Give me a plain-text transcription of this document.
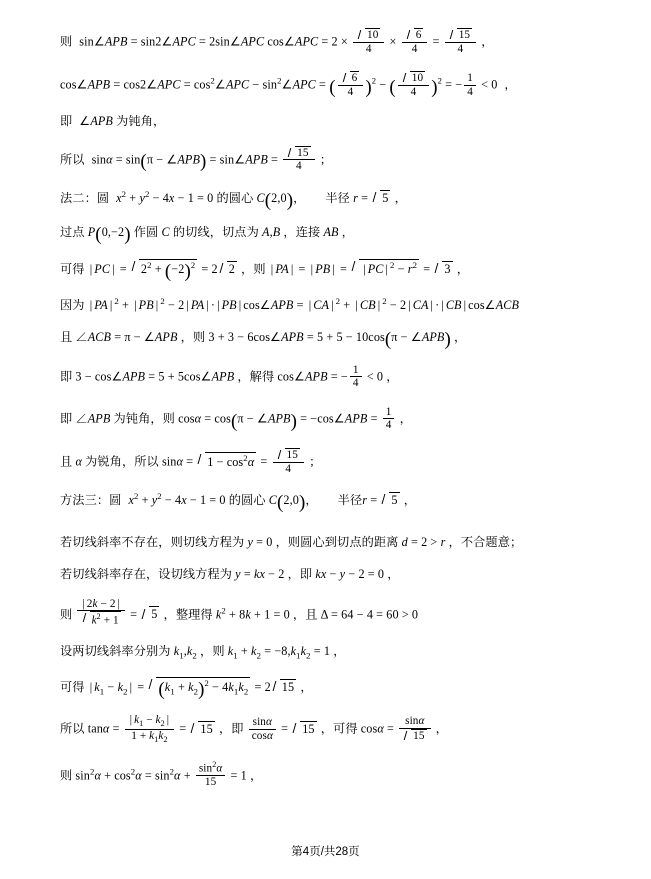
则 sin∠APB = sin2∠APC = 2sin∠APC cos∠APC = $2 \times \frac{10}{4} \times \frac{6}{4} = \frac{15}{4}$ ，

cos∠APB = cos2∠APC = $\cos^2\angle APC$ − $\sin^2\angle APC$ = ( $\frac{6}{4} )^2$ − ( $\frac{10}{4} )^2$ = − $\frac{1}{4} < 0$ ，

即 ∠APB 为钝角，

所以 sinα = sin(π − ∠APB) = sin∠APB = $\frac{15}{4}$ ；

法二：圆 $x^2 + y^2 - 4x - 1 = 0$ 的圆心 C(2,0)， 半径 r = 5 ，

过点 P(0,−2) 作圆 C 的切线，切点为 A,B ，连接 AB ，

可得 | PC | = $2^2 + (-2)^2 = 2$ 2 ，则 | PA | = | PB | = | PC | $^2 - r^2 = 3$ ，

因为 | PA | $^2$ + | PB | $^2$ − 2 | PA | · | PB | cos∠APB = | CA | $^2$ + | CB | $^2$ − 2 | CA | · | CB | cos∠ACB

且 ∠ACB = π − ∠APB ，则 3 + 3 − 6cos∠APB = 5 + 5 − 10cos(π − ∠APB) ，

即 3 − cos∠APB = 5 + 5cos∠APB ，解得 cos∠APB = − $\frac{1}{4} < 0$ ，

即 ∠APB 为钝角，则 cosα = cos(π − ∠APB) = −cos∠APB = $\frac{1}{4}$ ，

且 α 为锐角，所以 $\sin\alpha = 1 - \cos^2\alpha = \frac{15}{4}$ ；

方法三：圆 $x^2 + y^2 - 4x - 1 = 0$ 的圆心 C(2,0)， 半径r = 5 ，

若切线斜率不存在，则切线方程为 y = 0 ，则圆心到切点的距离 d = 2 > r ，不合题意；

若切线斜率存在，设切线方程为 y = kx − 2 ，即 kx − y − 2 = 0 ，

则 $\frac{| 2k - 2 |}{k^2 + 1} = 5$ ，整理得 $k^2 + 8k + 1 = 0$ ，且 Δ = 64 − 4 = 60 > 0

设两切线斜率分别为 $k_1,k_2$ ，则 $k_1 + k_2 = -8,k_1k_2 = 1$ ，

可得 | $k_1 - k_2$ | = $(k_1 + k_2)^2 - 4k_1k_2 = 2$ 15 ，

所以 $\tan\alpha = \frac{| k_1 - k_2 |}{1 + k_1k_2} = 15$ ，即 $\frac{\sin\alpha}{\cos\alpha} = 15$ ，可得 $\cos\alpha = \frac{\sin\alpha}{15}$ ，

则 $\sin^2\alpha + \cos^2\alpha = \sin^2\alpha + \frac{\sin^2\alpha}{15} = 1$ ，

第4页/共28页
